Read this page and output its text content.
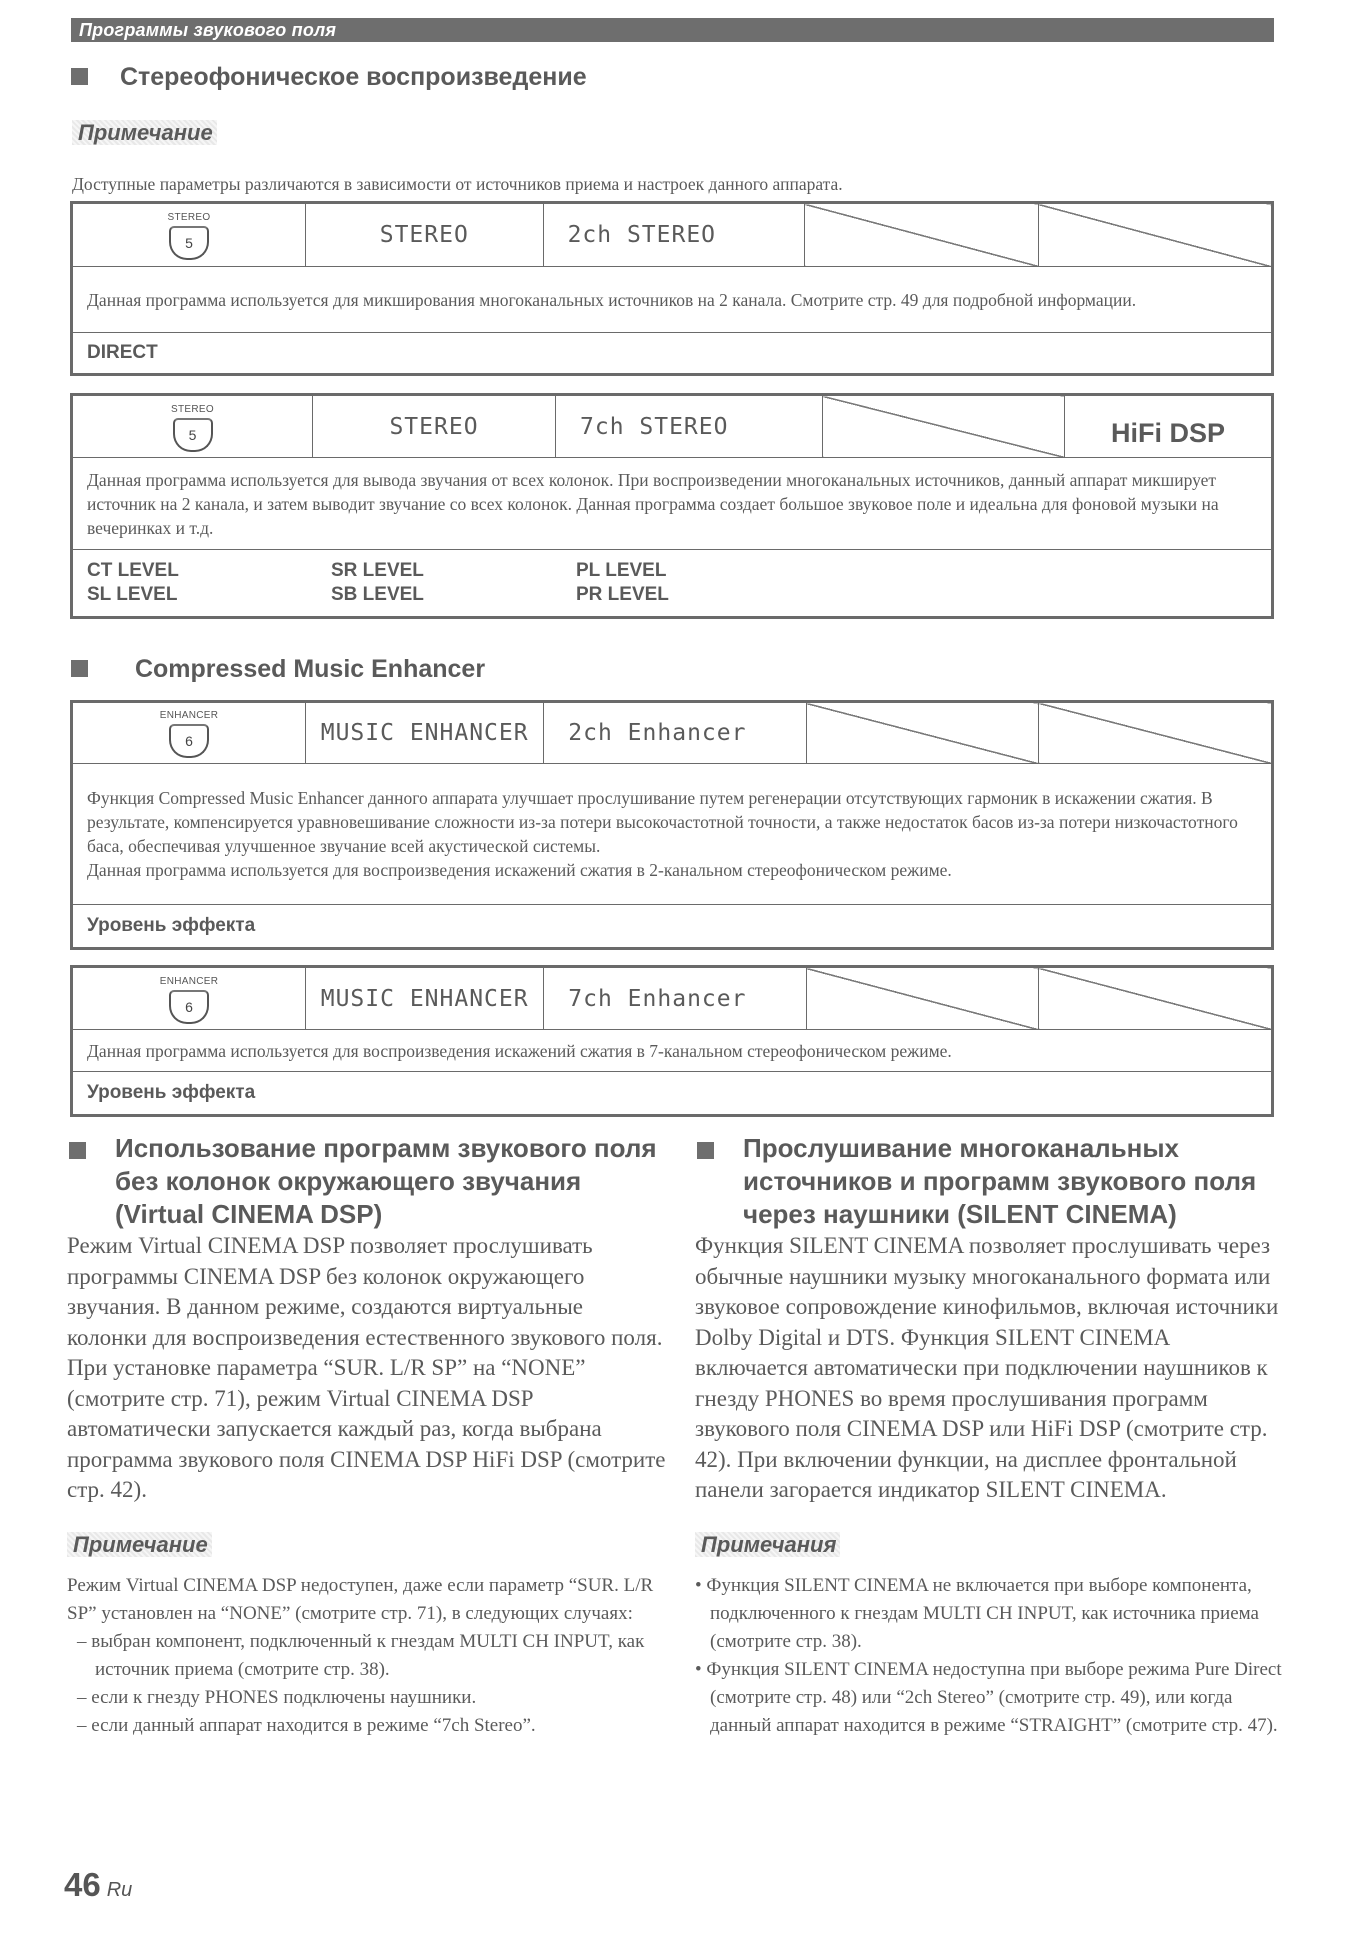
Программы звукового поля
Стереофоническое воспроизведение
Примечание
Доступные параметры различаются в зависимости от источников приема и настроек данного аппарата.
STEREO
5	STEREO	2ch STEREO		
Данная программа используется для микширования многоканальных источников на 2 канала. Смотрите стр. 49 для подробной информации.
DIRECT
STEREO
5	STEREO	7ch STEREO		HiFi DSP
Данная программа используется для вывода звучания от всех колонок. При воспроизведении многоканальных источников, данный аппарат микширует источник на 2 канала, и затем выводит звучание со всех колонок. Данная программа создает большое звуковое поле и идеальна для фоновой музыки на вечеринках и т.д.

CT LEVEL	SR LEVEL	PL LEVEL
SL LEVEL	SB LEVEL	PR LEVEL
Compressed Music Enhancer
ENHANCER
6	MUSIC ENHANCER	2ch Enhancer		

Функция Compressed Music Enhancer данного аппарата улучшает прослушивание путем регенерации отсутствующих гармоник в искажении сжатия. В результате, компенсируется уравновешивание сложности из-за потери высокочастотной точности, а также недостаток басов из-за потери низкочастотного баса, обеспечивая улучшенное звучание всей акустической системы.
Данная программа используется для воспроизведения искажений сжатия в 2-канальном стереофоническом режиме.

Уровень эффекта
ENHANCER
6	MUSIC ENHANCER	7ch Enhancer		
Данная программа используется для воспроизведения искажений сжатия в 7-канальном стереофоническом режиме.
Уровень эффекта
Использование программ звукового поля без колонок окружающего звучания (Virtual CINEMA DSP)
Режим Virtual CINEMA DSP позволяет прослушивать программы CINEMA DSP без колонок окружающего звучания. В данном режиме, создаются виртуальные колонки для воспроизведения естественного звукового поля. При установке параметра “SUR. L/R SP” на “NONE” (смотрите стр. 71), режим Virtual CINEMA DSP автоматически запускается каждый раз, когда выбрана программа звукового поля CINEMA DSP HiFi DSP (смотрите стр. 42).
Примечание
Режим Virtual CINEMA DSP недоступен, даже если параметр “SUR. L/R SP” установлен на “NONE” (смотрите стр. 71), в следующих случаях:
– выбран компонент, подключенный к гнездам MULTI CH INPUT, как источник приема (смотрите стр. 38).
– если к гнезду PHONES подключены наушники.
– если данный аппарат находится в режиме “7ch Stereo”.
Прослушивание многоканальных источников и программ звукового поля через наушники (SILENT CINEMA)
Функция SILENT CINEMA позволяет прослушивать через обычные наушники музыку многоканального формата или звуковое сопровождение кинофильмов, включая источники Dolby Digital и DTS. Функция SILENT CINEMA включается автоматически при подключении наушников к гнезду PHONES во время прослушивания программ звукового поля CINEMA DSP или HiFi DSP (смотрите стр. 42). При включении функции, на дисплее фронтальной панели загорается индикатор SILENT CINEMA.
Примечания
• Функция SILENT CINEMA не включается при выборе компонента, подключенного к гнездам MULTI CH INPUT, как источника приема (смотрите стр. 38).
• Функция SILENT CINEMA недоступна при выборе режима Pure Direct (смотрите стр. 48) или “2ch Stereo” (смотрите стр. 49), или когда данный аппарат находится в режиме “STRAIGHT” (смотрите стр. 47).
46 Ru
